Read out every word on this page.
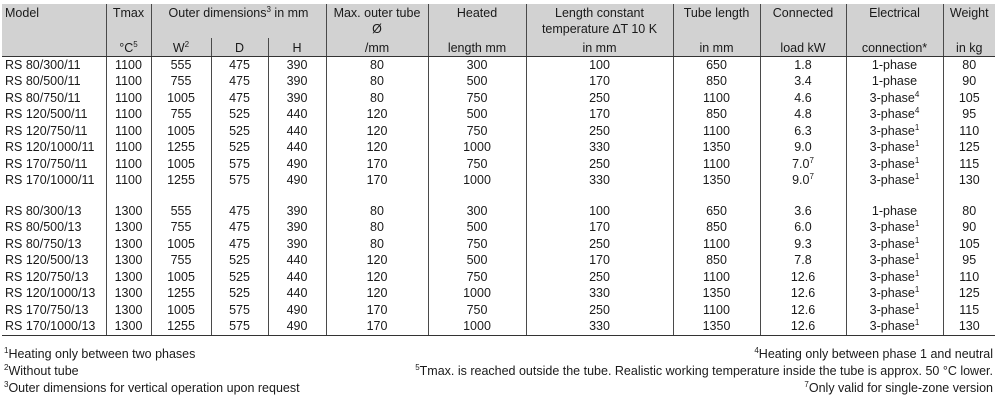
Model	Tmax	Outer dimensions$^3$ in mm			Max. outer tube Ø	Heated	Length constant temperature ∆T 10 K	Tube length	Connected	Electrical	Weight
	$^\circ C^5$	$W^2$	D	H	/mm	length mm	in mm	in mm	load kW	connection*	in kg
RS 80/300/11	1100	555	475	390	80	300	100	650	1.8	1-phase	80
RS 80/500/11	1100	755	475	390	80	500	170	850	3.4	1-phase	90
RS 80/750/11	1100	1005	475	390	80	750	250	1100	4.6	3-phase$^4$	105
RS 120/500/11	1100	755	525	440	120	500	170	850	4.8	3-phase$^4$	95
RS 120/750/11	1100	1005	525	440	120	750	250	1100	6.3	3-phase$^1$	110
RS 120/1000/11	1100	1255	525	440	120	1000	330	1350	9.0	3-phase$^1$	125
RS 170/750/11	1100	1005	575	490	170	750	250	1100	$7.0^7$	3-phase$^1$	115
RS 170/1000/11	1100	1255	575	490	170	1000	330	1350	$9.0^7$	3-phase$^1$	130

RS 80/300/13	1300	555	475	390	80	300	100	650	3.6	1-phase	80
RS 80/500/13	1300	755	475	390	80	500	170	850	6.0	3-phase$^1$	90
RS 80/750/13	1300	1005	475	390	80	750	250	1100	9.3	3-phase$^1$	105
RS 120/500/13	1300	755	525	440	120	500	170	850	7.8	3-phase$^1$	95
RS 120/750/13	1300	1005	525	440	120	750	250	1100	12.6	3-phase$^1$	110
RS 120/1000/13	1300	1255	525	440	120	1000	330	1350	12.6	3-phase$^1$	125
RS 170/750/13	1300	1005	575	490	170	750	250	1100	12.6	3-phase$^1$	115
RS 170/1000/13	1300	1255	575	490	170	1000	330	1350	12.6	3-phase$^1$	130
$^1$Heating only between two phases
$^2$Without tube
$^3$Outer dimensions for vertical operation upon request
$^4$Heating only between phase 1 and neutral
$^5$Tmax. is reached outside the tube. Realistic working temperature inside the tube is approx. 50 °C lower.
$^7$Only valid for single-zone version
